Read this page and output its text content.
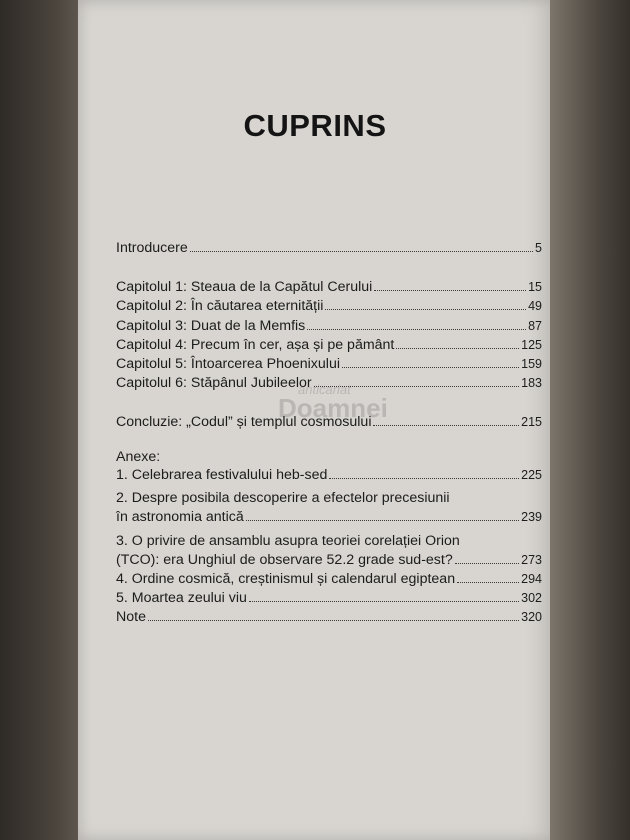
CUPRINS
anticariat
Doamnei
Introducere	5
Capitolul 1: Steaua de la Capătul Cerului	15
Capitolul 2: În căutarea eternității	49
Capitolul 3: Duat de la Memfis	87
Capitolul 4: Precum în cer, așa și pe pământ	125
Capitolul 5: Întoarcerea Phoenixului	159
Capitolul 6: Stăpânul Jubileelor	183
Concluzie: „Codul” și templul cosmosului	215
Anexe:
1. Celebrarea festivalului heb-sed	225
2. Despre posibila descoperire a efectelor precesiunii
în astronomia antică	239
3. O privire de ansamblu asupra teoriei corelației Orion
(TCO): era Unghiul de observare 52.2 grade sud-est?	273
4. Ordine cosmică, creștinismul și calendarul egiptean	294
5. Moartea zeului viu	302
Note	320
